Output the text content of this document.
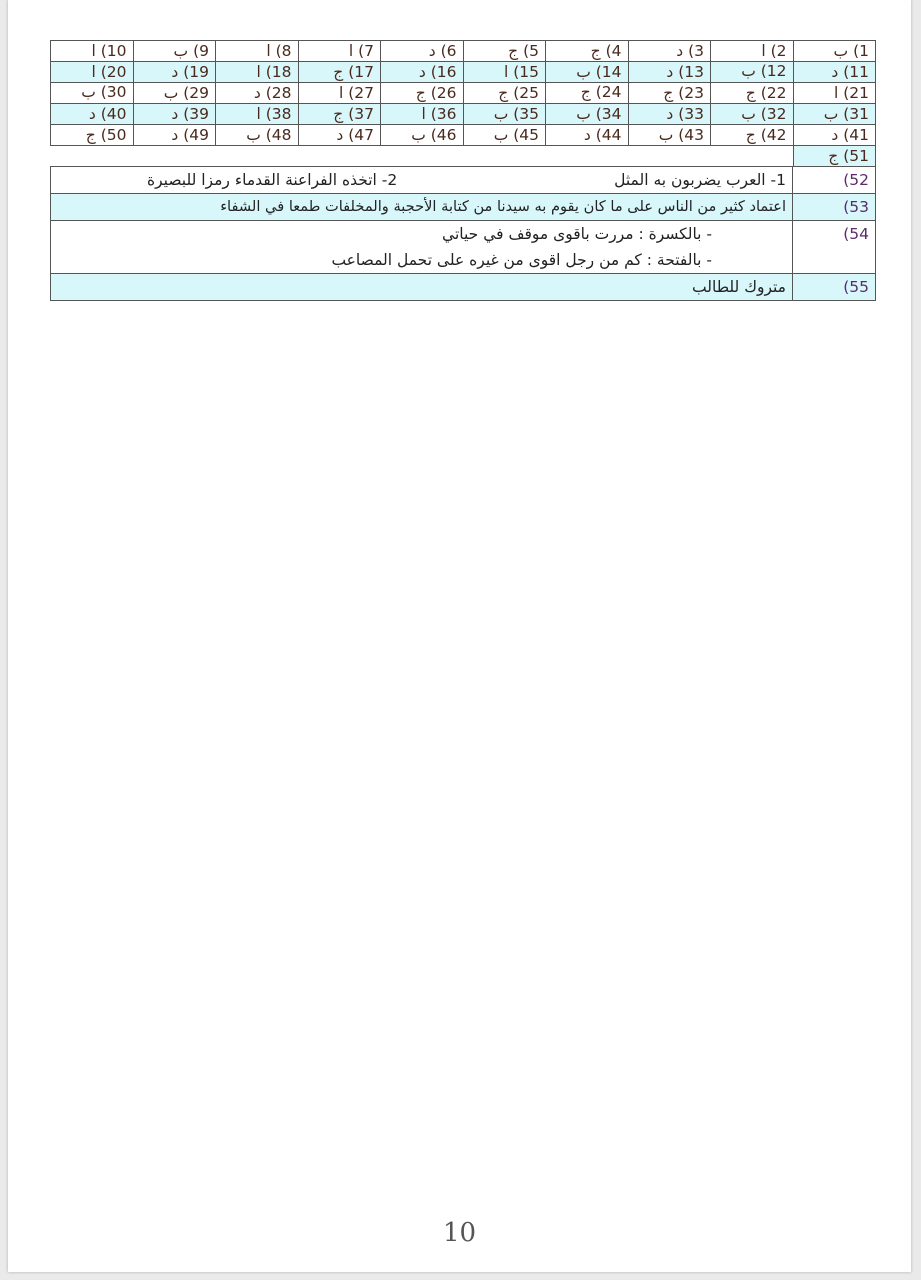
1) ب	2) ا	3) د	4) ج	5) ج	6) د	7) ا	8) ا	9) ب	10) ا
11) د	12) ب	13) د	14) ب	15) ا	16) د	17) ج	18) ا	19) د	20) ا
21) ا	22) ج	23) ج	24) ج	25) ج	26) ج	27) ا	28) د	29) ب	30) ب
31) ب	32) ب	33) د	34) ب	35) ب	36) ا	37) ج	38) ا	39) د	40) د
41) د	42) ج	43) ب	44) د	45) ب	46) ب	47) د	48) ب	49) د	50) ج
51) ج									
52)	1- العرب يضربون به المثل
2- اتخذه الفراعنة القدماء رمزا للبصيرة

53)	اعتماد كثير من الناس على ما كان يقوم به سيدنا من كتابة الأحجبة والمخلفات طمعا في الشفاء
54)	- بالكسرة : مررت باقوى موقف في حياتي
- بالفتحة : كم من رجل اقوى من غيره على تحمل المصاعب

55)	متروك للطالب
10
